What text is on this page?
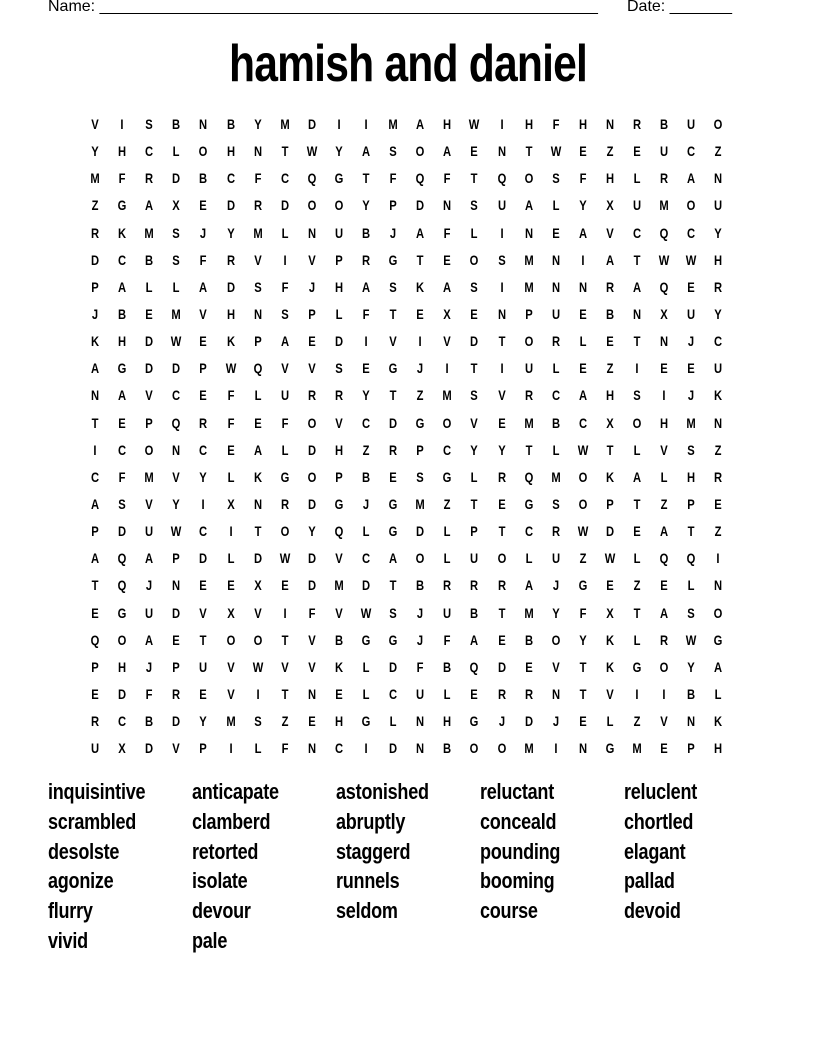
Name: ________________________________________________________ Date: _______
hamish and daniel
V	I	S	B	N	B	Y	M	D	I	I	M	A	H	W	I	H	F	H	N	R	B	U	O
Y	H	C	L	O	H	N	T	W	Y	A	S	O	A	E	N	T	W	E	Z	E	U	C	Z
M	F	R	D	B	C	F	C	Q	G	T	F	Q	F	T	Q	O	S	F	H	L	R	A	N
Z	G	A	X	E	D	R	D	O	O	Y	P	D	N	S	U	A	L	Y	X	U	M	O	U
R	K	M	S	J	Y	M	L	N	U	B	J	A	F	L	I	N	E	A	V	C	Q	C	Y
D	C	B	S	F	R	V	I	V	P	R	G	T	E	O	S	M	N	I	A	T	W	W	H
P	A	L	L	A	D	S	F	J	H	A	S	K	A	S	I	M	N	N	R	A	Q	E	R
J	B	E	M	V	H	N	S	P	L	F	T	E	X	E	N	P	U	E	B	N	X	U	Y
K	H	D	W	E	K	P	A	E	D	I	V	I	V	D	T	O	R	L	E	T	N	J	C
A	G	D	D	P	W	Q	V	V	S	E	G	J	I	T	I	U	L	E	Z	I	E	E	U
N	A	V	C	E	F	L	U	R	R	Y	T	Z	M	S	V	R	C	A	H	S	I	J	K
T	E	P	Q	R	F	E	F	O	V	C	D	G	O	V	E	M	B	C	X	O	H	M	N
I	C	O	N	C	E	A	L	D	H	Z	R	P	C	Y	Y	T	L	W	T	L	V	S	Z
C	F	M	V	Y	L	K	G	O	P	B	E	S	G	L	R	Q	M	O	K	A	L	H	R
A	S	V	Y	I	X	N	R	D	G	J	G	M	Z	T	E	G	S	O	P	T	Z	P	E
P	D	U	W	C	I	T	O	Y	Q	L	G	D	L	P	T	C	R	W	D	E	A	T	Z
A	Q	A	P	D	L	D	W	D	V	C	A	O	L	U	O	L	U	Z	W	L	Q	Q	I
T	Q	J	N	E	E	X	E	D	M	D	T	B	R	R	R	A	J	G	E	Z	E	L	N
E	G	U	D	V	X	V	I	F	V	W	S	J	U	B	T	M	Y	F	X	T	A	S	O
Q	O	A	E	T	O	O	T	V	B	G	G	J	F	A	E	B	O	Y	K	L	R	W	G
P	H	J	P	U	V	W	V	V	K	L	D	F	B	Q	D	E	V	T	K	G	O	Y	A
E	D	F	R	E	V	I	T	N	E	L	C	U	L	E	R	R	N	T	V	I	I	B	L
R	C	B	D	Y	M	S	Z	E	H	G	L	N	H	G	J	D	J	E	L	Z	V	N	K
U	X	D	V	P	I	L	F	N	C	I	D	N	B	O	O	M	I	N	G	M	E	P	H
inquisintive
scrambled
desolste
agonize
flurry
vivid
anticapate
clamberd
retorted
isolate
devour
pale
astonished
abruptly
staggerd
runnels
seldom
reluctant
conceald
pounding
booming
course
reluclent
chortled
elagant
pallad
devoid
